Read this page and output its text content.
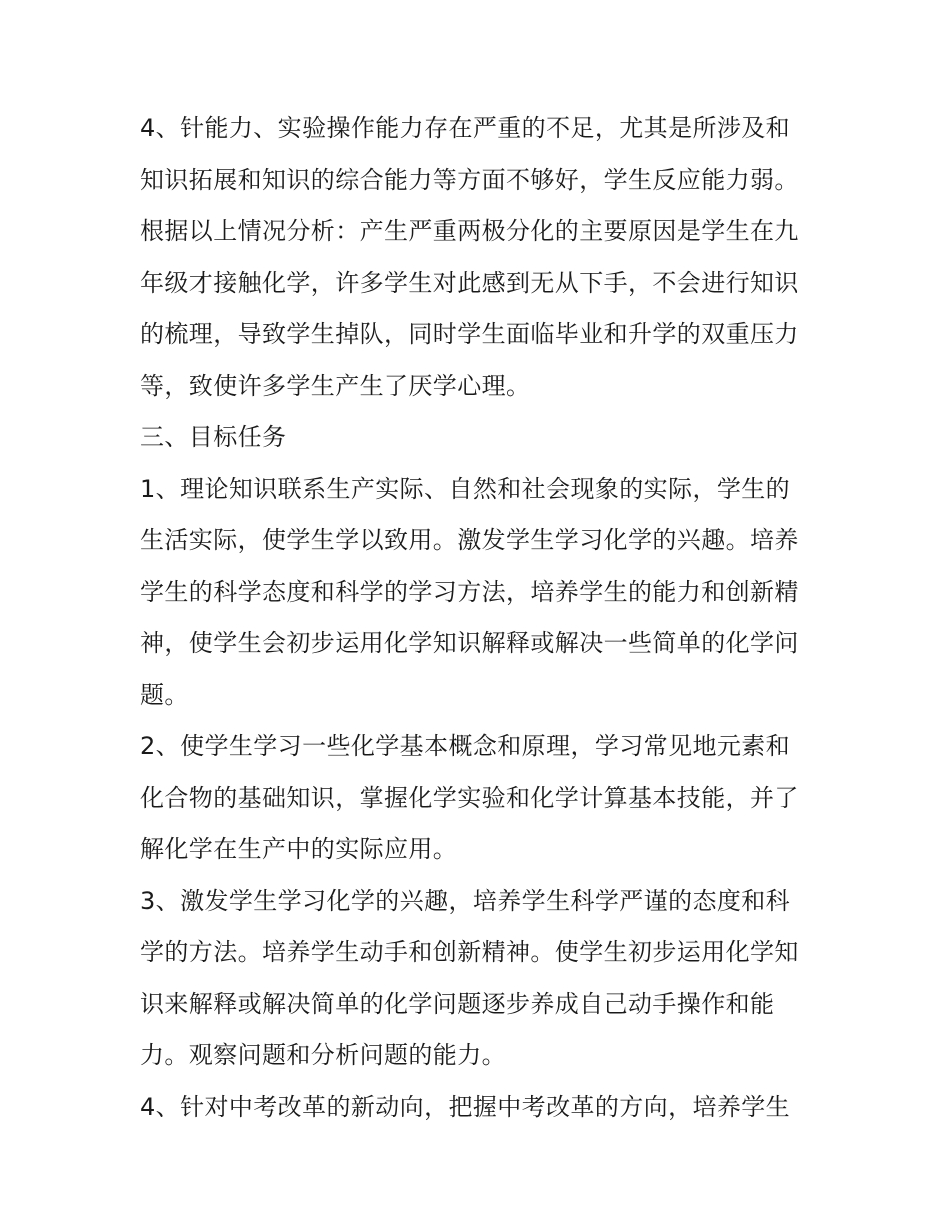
4、针能力、实验操作能力存在严重的不足，尤其是所涉及和
知识拓展和知识的综合能力等方面不够好，学生反应能力弱。

根据以上情况分析：产生严重两极分化的主要原因是学生在九
年级才接触化学，许多学生对此感到无从下手，不会进行知识
的梳理，导致学生掉队，同时学生面临毕业和升学的双重压力
等，致使许多学生产生了厌学心理。

三、目标任务

1、理论知识联系生产实际、自然和社会现象的实际，学生的
生活实际，使学生学以致用。激发学生学习化学的兴趣。培养
学生的科学态度和科学的学习方法，培养学生的能力和创新精
神，使学生会初步运用化学知识解释或解决一些简单的化学问
题。

2、使学生学习一些化学基本概念和原理，学习常见地元素和
化合物的基础知识，掌握化学实验和化学计算基本技能，并了
解化学在生产中的实际应用。

3、激发学生学习化学的兴趣，培养学生科学严谨的态度和科
学的方法。培养学生动手和创新精神。使学生初步运用化学知
识来解释或解决简单的化学问题逐步养成自己动手操作和能
力。观察问题和分析问题的能力。

4、针对中考改革的新动向，把握中考改革的方向，培养学生
